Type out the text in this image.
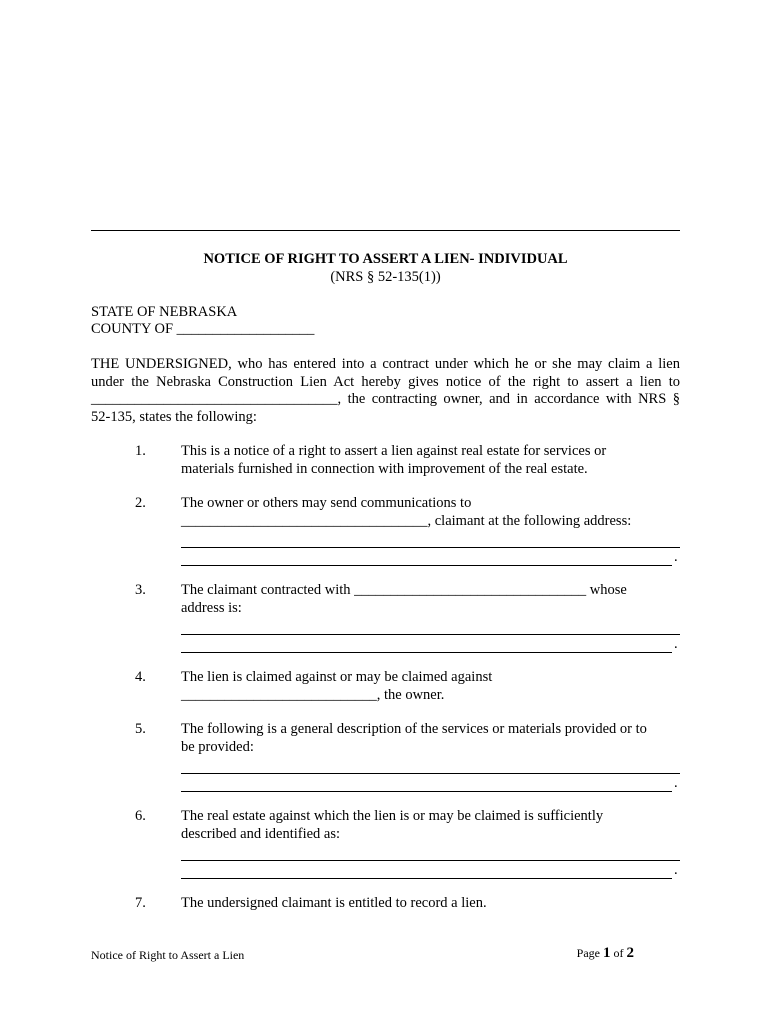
NOTICE OF RIGHT TO ASSERT A LIEN- INDIVIDUAL
(NRS § 52-135(1))
STATE OF NEBRASKA
COUNTY OF ___________________
THE UNDERSIGNED, who has entered into a contract under which he or she may claim a lien
under the Nebraska Construction Lien Act hereby gives notice of the right to assert a lien to
__________________________________, the contracting owner, and in accordance with NRS §
52-135, states the following:
1. This is a notice of a right to assert a lien against real estate for services or
materials furnished in connection with improvement of the real estate.
2. The owner or others may send communications to
__________________________________, claimant at the following address:
.
3. The claimant contracted with ________________________________ whose
address is:
.
4. The lien is claimed against or may be claimed against
___________________________, the owner.
5. The following is a general description of the services or materials provided or to
be provided:
.
6. The real estate against which the lien is or may be claimed is sufficiently
described and identified as:
.
7. The undersigned claimant is entitled to record a lien.
Notice of Right to Assert a Lien	Page 1 of 2
